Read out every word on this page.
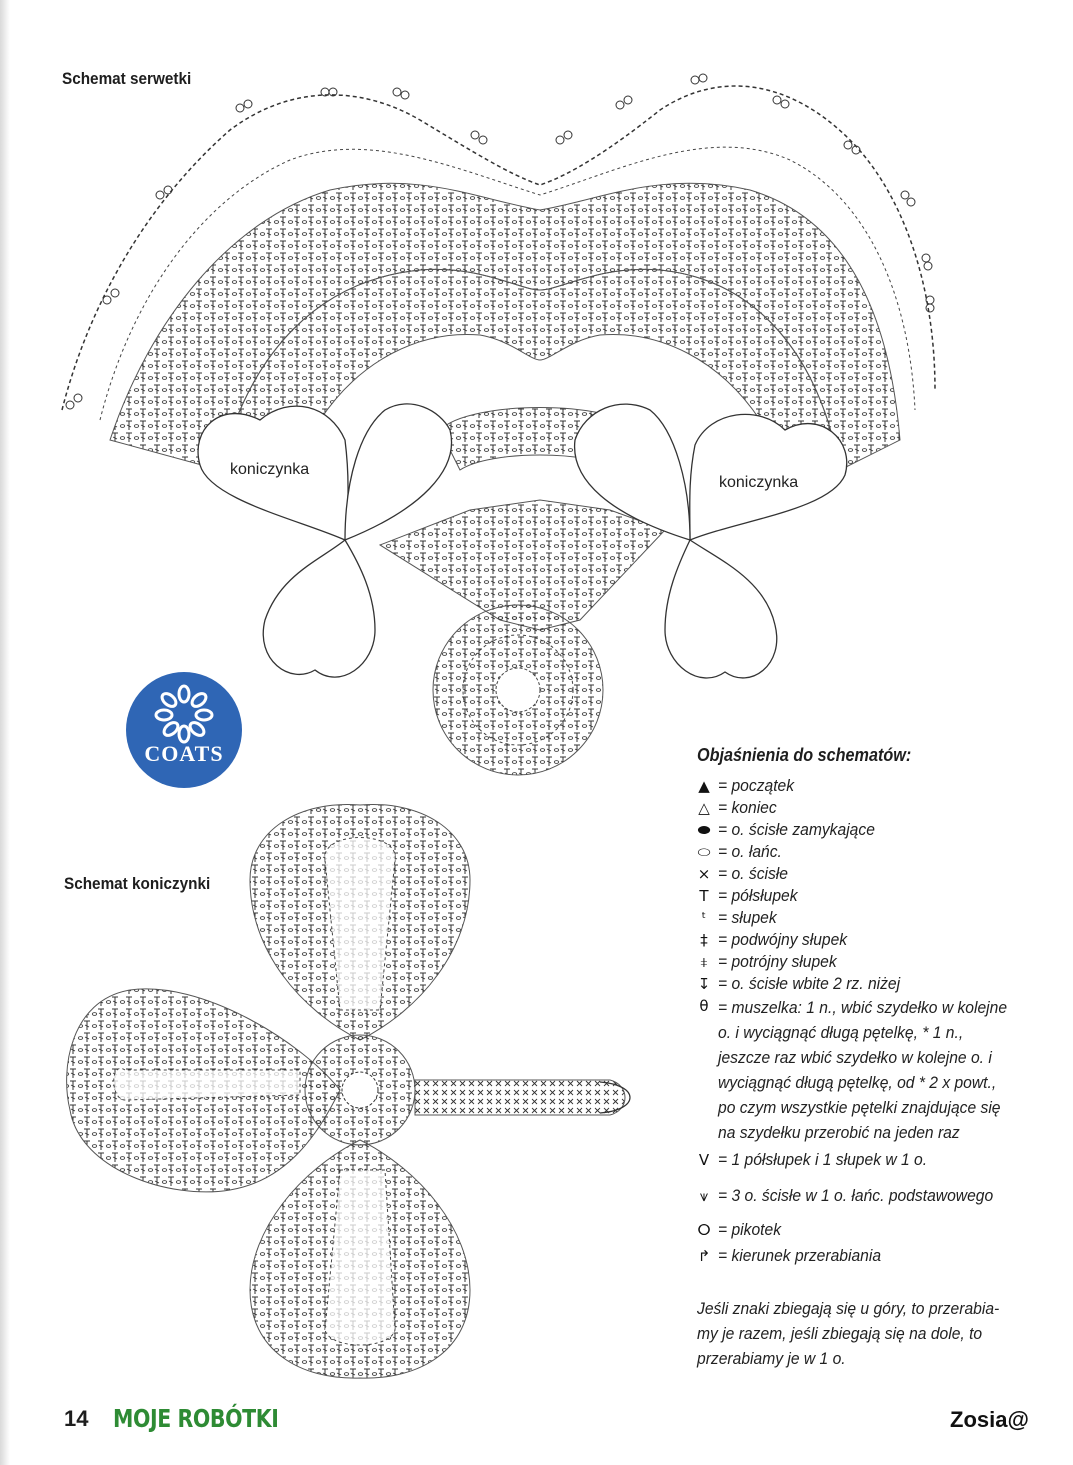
Schemat serwetki
Schemat koniczynki
koniczynka
koniczynka
COATS	Objaśnienia do schematów:
▲ = początek
△ = koniec
⬬ = o. ścisłe zamykające
⬭ = o. łańc.
× = o. ścisłe
T = półsłupek
ᵗ = słupek
‡ = podwójny słupek
⧧ = potrójny słupek
↧ = o. ścisłe wbite 2 rz. niżej
θ = muszelka: 1 n., wbić szydełko w kolejne o. i wyciągnąć długą pętelkę, * 1 n., jeszcze raz wbić szydełko w kolejne o. i wyciągnąć długą pętelkę, od * 2 x powt., po czym wszystkie pętelki znajdujące się na szydełku przerobić na jeden raz
V = 1 półsłupek i 1 słupek w 1 o.
⩛ = 3 o. ścisłe w 1 o. łańc. podstawowego
ⵔ = pikotek
↱ = kierunek przerabiania
Jeśli znaki zbiegają się u góry, to przerabia-
my je razem, jeśli zbiegają się na dole, to
przerabiamy je w 1 o.
14 MOJE ROBÓTKI	Zosia@
